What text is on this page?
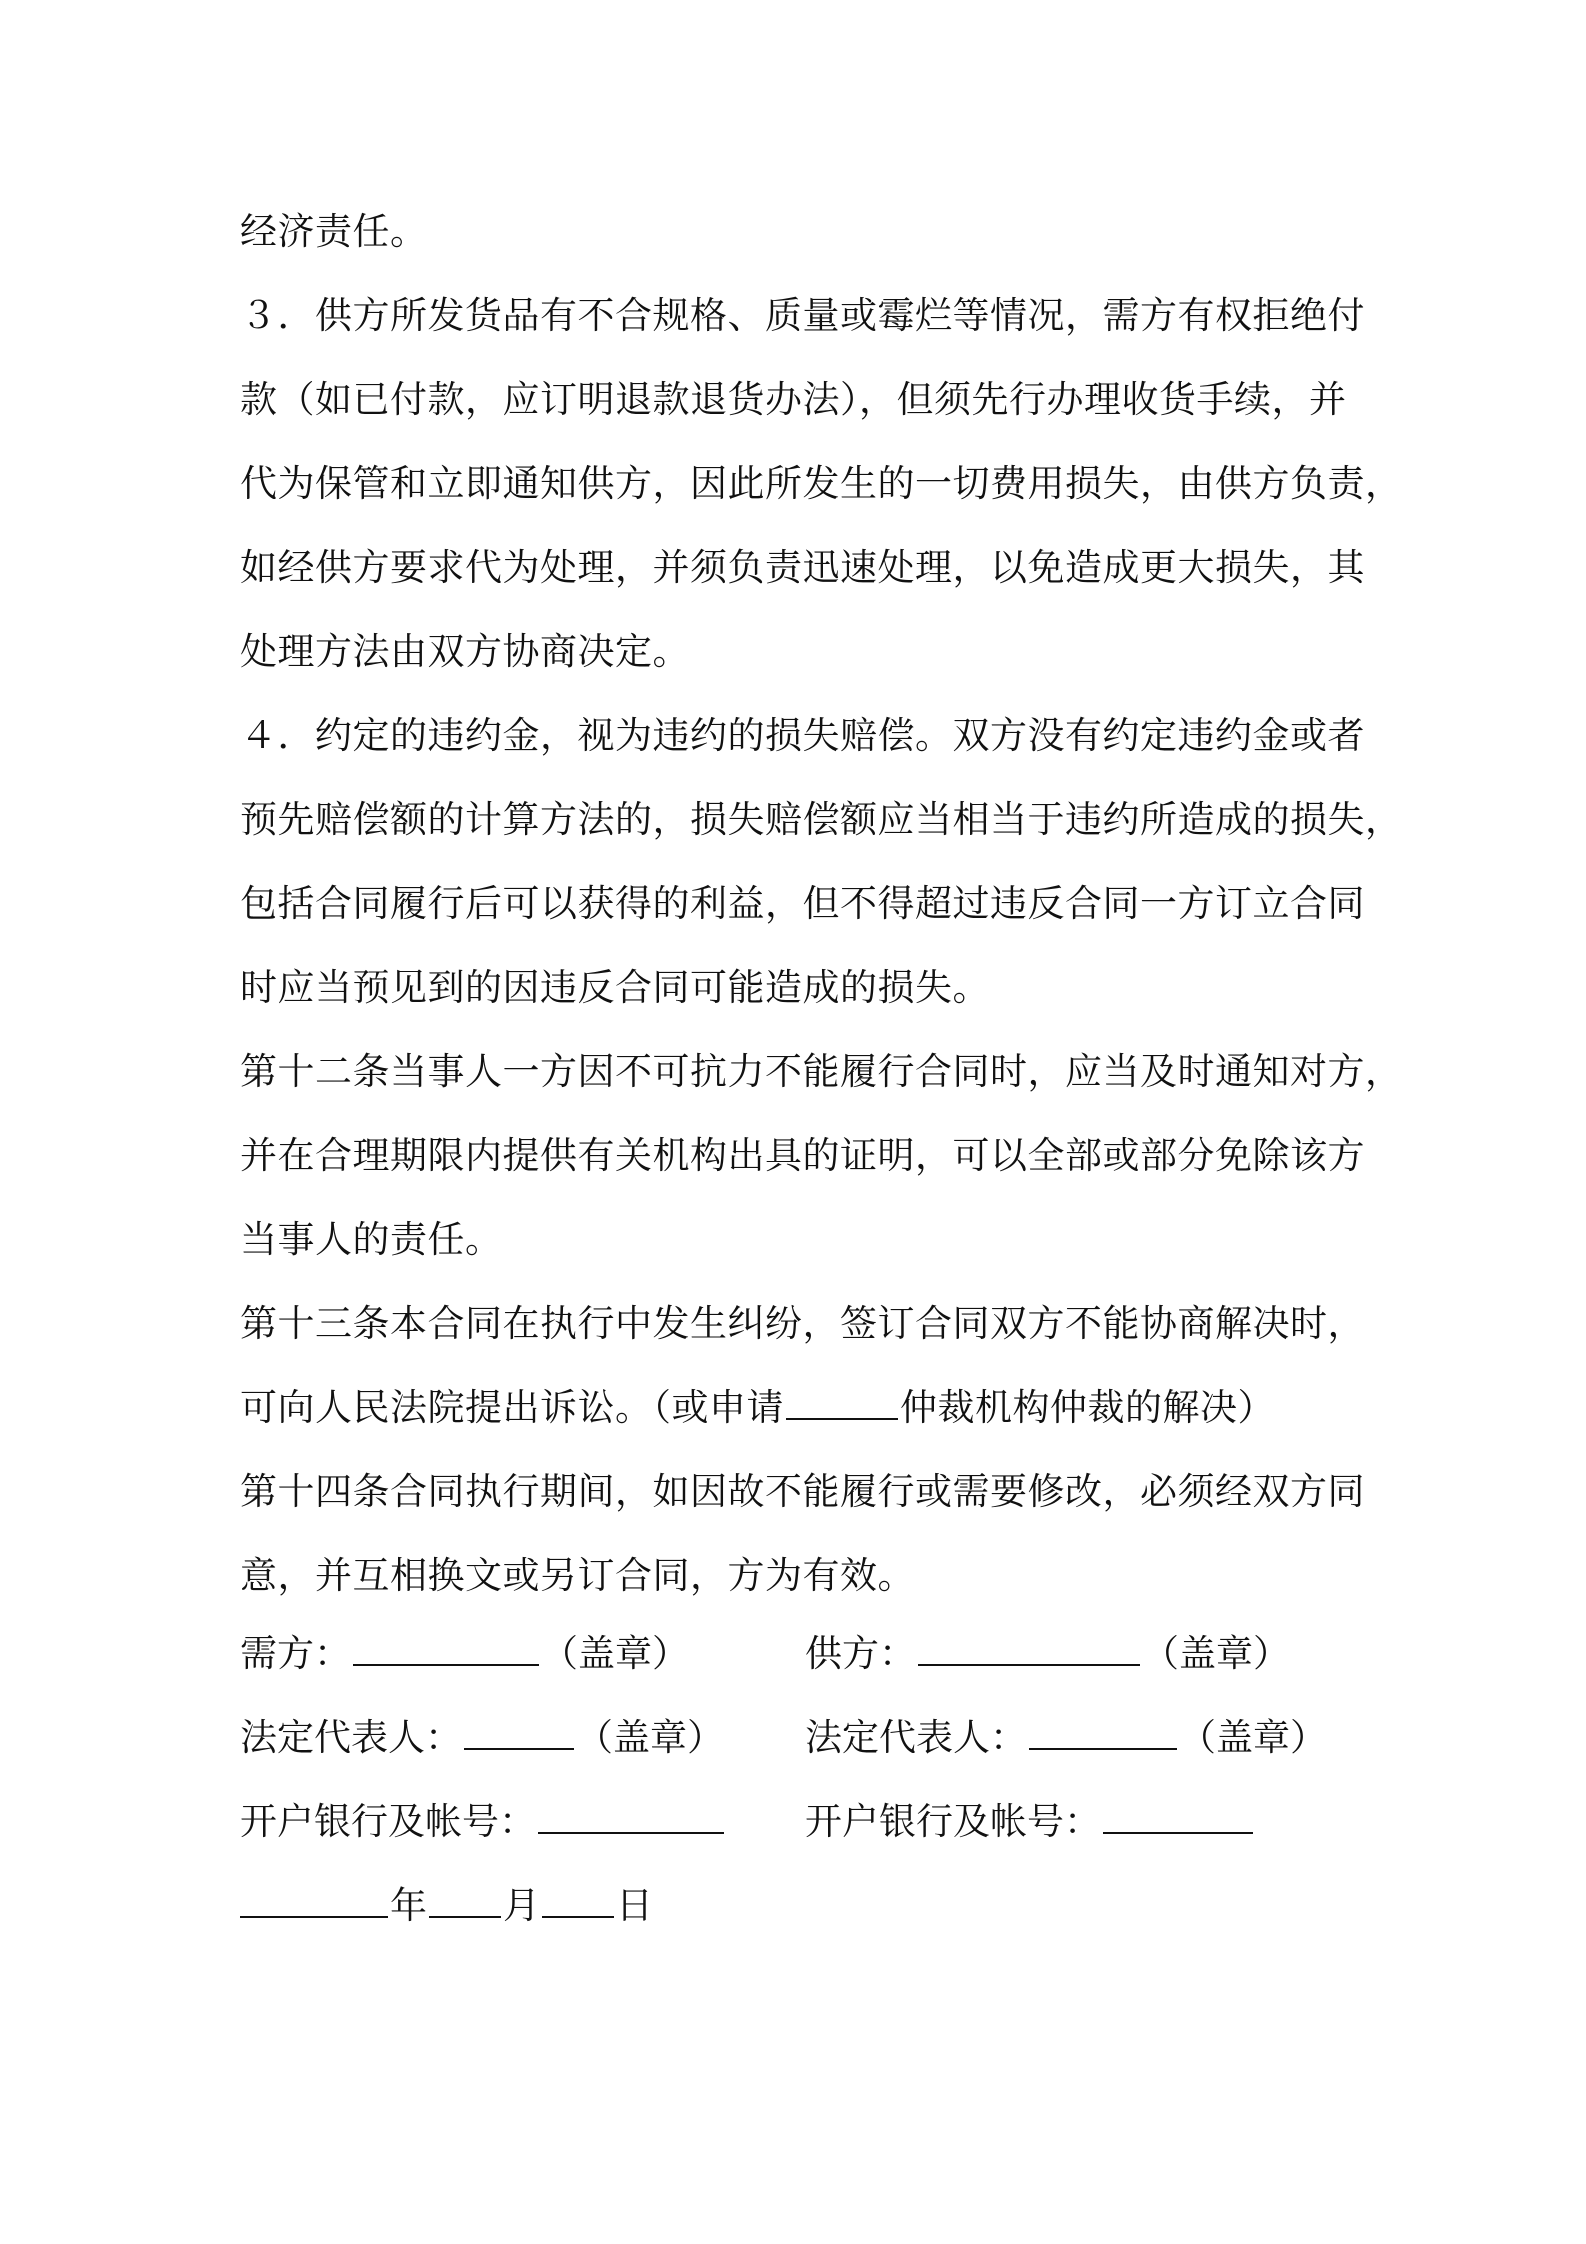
经济责任。
３．供方所发货品有不合规格、质量或霉烂等情况，需方有权拒绝付
款（如已付款，应订明退款退货办法），但须先行办理收货手续，并
代为保管和立即通知供方，因此所发生的一切费用损失，由供方负责，
如经供方要求代为处理，并须负责迅速处理，以免造成更大损失，其
处理方法由双方协商决定。
４．约定的违约金，视为违约的损失赔偿。双方没有约定违约金或者
预先赔偿额的计算方法的，损失赔偿额应当相当于违约所造成的损失，
包括合同履行后可以获得的利益，但不得超过违反合同一方订立合同
时应当预见到的因违反合同可能造成的损失。
第十二条当事人一方因不可抗力不能履行合同时，应当及时通知对方，
并在合理期限内提供有关机构出具的证明，可以全部或部分免除该方
当事人的责任。
第十三条本合同在执行中发生纠纷，签订合同双方不能协商解决时，
可向人民法院提出诉讼。（或申请	仲裁机构仲裁的解决）
第十四条合同执行期间，如因故不能履行或需要修改，必须经双方同
意，并互相换文或另订合同，方为有效。
需方：	（盖章）	供方：	（盖章）
法定代表人：	（盖章） 法定代表人：	（盖章）
开户银行及帐号：	开户银行及帐号：
年 月 日
